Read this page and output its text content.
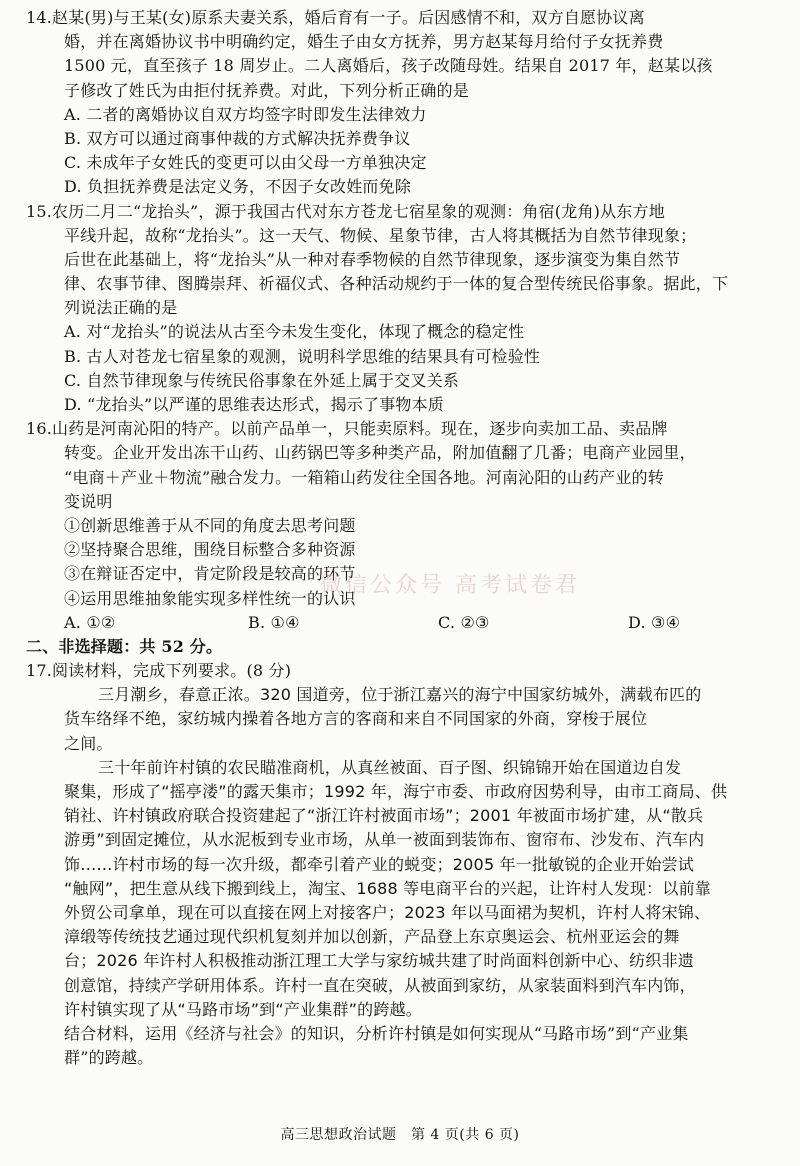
14.赵某(男)与王某(女)原系夫妻关系，婚后育有一子。后因感情不和，双方自愿协议离
婚，并在离婚协议书中明确约定，婚生子由女方抚养，男方赵某每月给付子女抚养费
1500 元，直至孩子 18 周岁止。二人离婚后，孩子改随母姓。结果自 2017 年，赵某以孩
子修改了姓氏为由拒付抚养费。对此，下列分析正确的是
A. 二者的离婚协议自双方均签字时即发生法律效力
B. 双方可以通过商事仲裁的方式解决抚养费争议
C. 未成年子女姓氏的变更可以由父母一方单独决定
D. 负担抚养费是法定义务，不因子女改姓而免除
15.农历二月二“龙抬头”，源于我国古代对东方苍龙七宿星象的观测：角宿(龙角)从东方地
平线升起，故称“龙抬头”。这一天气、物候、星象节律，古人将其概括为自然节律现象；
后世在此基础上，将“龙抬头”从一种对春季物候的自然节律现象，逐步演变为集自然节
律、农事节律、图腾崇拜、祈福仪式、各种活动规约于一体的复合型传统民俗事象。据此，下
列说法正确的是
A. 对“龙抬头”的说法从古至今未发生变化，体现了概念的稳定性
B. 古人对苍龙七宿星象的观测，说明科学思维的结果具有可检验性
C. 自然节律现象与传统民俗事象在外延上属于交叉关系
D. “龙抬头”以严谨的思维表达形式，揭示了事物本质
16.山药是河南沁阳的特产。以前产品单一，只能卖原料。现在，逐步向卖加工品、卖品牌
转变。企业开发出冻干山药、山药锅巴等多种类产品，附加值翻了几番；电商产业园里，
“电商＋产业＋物流”融合发力。一箱箱山药发往全国各地。河南沁阳的山药产业的转
变说明
①创新思维善于从不同的角度去思考问题
②坚持聚合思维，围绕目标整合多种资源
③在辩证否定中，肯定阶段是较高的环节
④运用思维抽象能实现多样性统一的认识
A. ①②	B. ①④	C. ②③	D. ③④
二、非选择题：共 52 分。
17.阅读材料，完成下列要求。(8 分)
三月潮乡，春意正浓。320 国道旁，位于浙江嘉兴的海宁中国家纺城外，满载布匹的
货车络绎不绝，家纺城内操着各地方言的客商和来自不同国家的外商，穿梭于展位
之间。
三十年前许村镇的农民瞄准商机，从真丝被面、百子图、织锦锦开始在国道边自发
聚集，形成了“摇亭溇”的露天集市；1992 年，海宁市委、市政府因势利导，由市工商局、供
销社、许村镇政府联合投资建起了“浙江许村被面市场”；2001 年被面市场扩建，从“散兵
游勇”到固定摊位，从水泥板到专业市场，从单一被面到装饰布、窗帘布、沙发布、汽车内
饰……许村市场的每一次升级，都牵引着产业的蜕变；2005 年一批敏锐的企业开始尝试
“触网”，把生意从线下搬到线上，淘宝、1688 等电商平台的兴起，让许村人发现：以前靠
外贸公司拿单，现在可以直接在网上对接客户；2023 年以马面裙为契机，许村人将宋锦、
漳缎等传统技艺通过现代织机复刻并加以创新，产品登上东京奥运会、杭州亚运会的舞
台；2026 年许村人积极推动浙江理工大学与家纺城共建了时尚面料创新中心、纺织非遗
创意馆，持续产学研用体系。许村一直在突破，从被面到家纺，从家装面料到汽车内饰，
许村镇实现了从“马路市场”到“产业集群”的跨越。
结合材料，运用《经济与社会》的知识，分析许村镇是如何实现从“马路市场”到“产业集
群”的跨越。
微信公众号 高考试卷君
高三思想政治试题　第 4 页(共 6 页)
